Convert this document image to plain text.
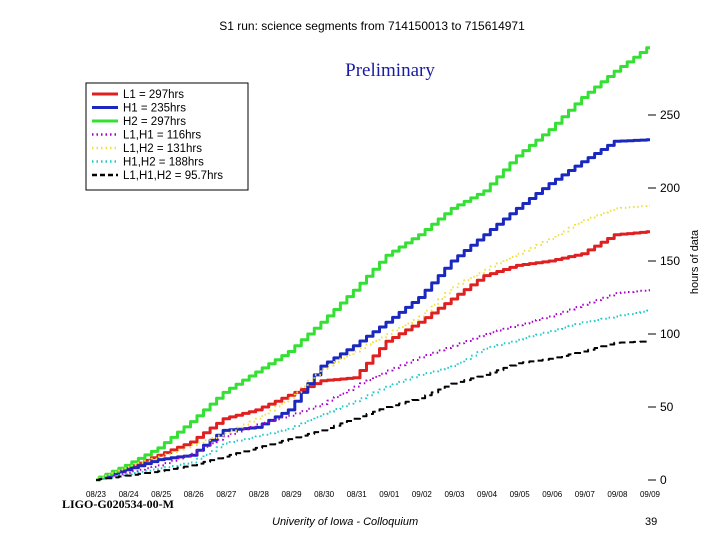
S1 run: science segments from 714150013 to 715614971
0
50
100
150
200
250
08/23 08/24 08/25 08/26 08/27 08/28 08/29 08/30 08/31 09/01 09/02 09/03 09/04 09/05 09/06 09/07 09/08 09/09
hours of data
L1 = 297hrs
H1 = 235hrs
H2 = 297hrs
L1,H1 = 116hrs
L1,H2 = 131hrs
H1,H2 = 188hrs
L1,H1,H2 = 95.7hrs
Preliminary
LIGO-G020534-00-M
Univerity of Iowa - Colloquium	39
